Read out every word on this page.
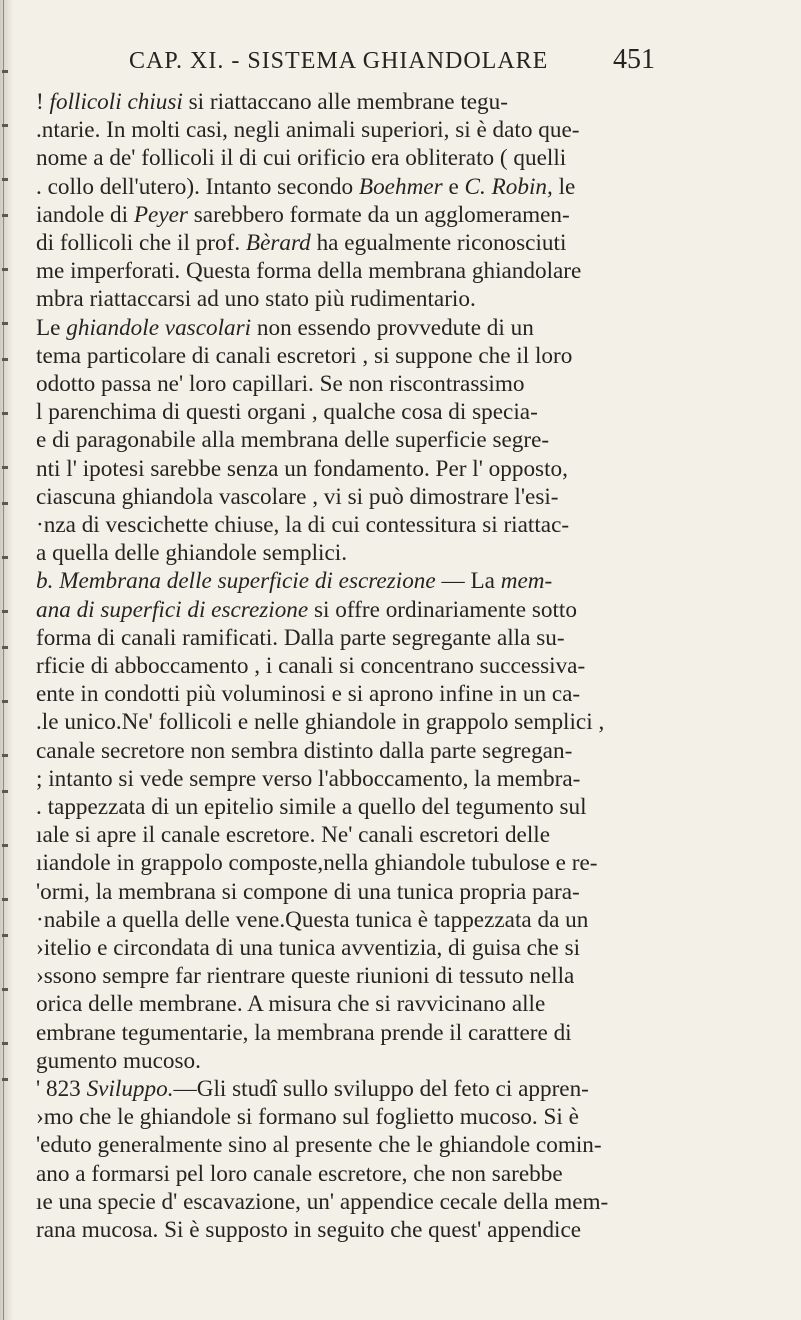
CAP. XI. - SISTEMA GHIANDOLARE 451
! follicoli chiusi si riattaccano alle membrane tegu-
.ntarie. In molti casi, negli animali superiori, si è dato que-
nome a de' follicoli il di cui orificio era obliterato ( quelli
. collo dell'utero). Intanto secondo Boehmer e C. Robin, le
iandole di Peyer sarebbero formate da un agglomeramen-
di follicoli che il prof. Bèrard ha egualmente riconosciuti
me imperforati. Questa forma della membrana ghiandolare
mbra riattaccarsi ad uno stato più rudimentario.
Le ghiandole vascolari non essendo provvedute di un
tema particolare di canali escretori , si suppone che il loro
odotto passa ne' loro capillari. Se non riscontrassimo
l parenchima di questi organi , qualche cosa di specia-
e di paragonabile alla membrana delle superficie segre-
nti l' ipotesi sarebbe senza un fondamento. Per l' opposto,
ciascuna ghiandola vascolare , vi si può dimostrare l'esi-
·nza di vescichette chiuse, la di cui contessitura si riattac-
a quella delle ghiandole semplici.
b. Membrana delle superficie di escrezione — La mem-
ana di superfici di escrezione si offre ordinariamente sotto
forma di canali ramificati. Dalla parte segregante alla su-
rficie di abboccamento , i canali si concentrano successiva-
ente in condotti più voluminosi e si aprono infine in un ca-
.le unico.Ne' follicoli e nelle ghiandole in grappolo semplici ,
canale secretore non sembra distinto dalla parte segregan-
; intanto si vede sempre verso l'abboccamento, la membra-
. tappezzata di un epitelio simile a quello del tegumento sul
ıale si apre il canale escretore. Ne' canali escretori delle
ıiandole in grappolo composte,nella ghiandole tubulose e re-
'ormi, la membrana si compone di una tunica propria para-
·nabile a quella delle vene.Questa tunica è tappezzata da un
›itelio e circondata di una tunica avventizia, di guisa che si
›ssono sempre far rientrare queste riunioni di tessuto nella
orica delle membrane. A misura che si ravvicinano alle
embrane tegumentarie, la membrana prende il carattere di
gumento mucoso.
' 823 Sviluppo.—Gli studî sullo sviluppo del feto ci appren-
›mo che le ghiandole si formano sul foglietto mucoso. Si è
'eduto generalmente sino al presente che le ghiandole comin-
ano a formarsi pel loro canale escretore, che non sarebbe
ıe una specie d' escavazione, un' appendice cecale della mem-
rana mucosa. Si è supposto in seguito che quest' appendice
